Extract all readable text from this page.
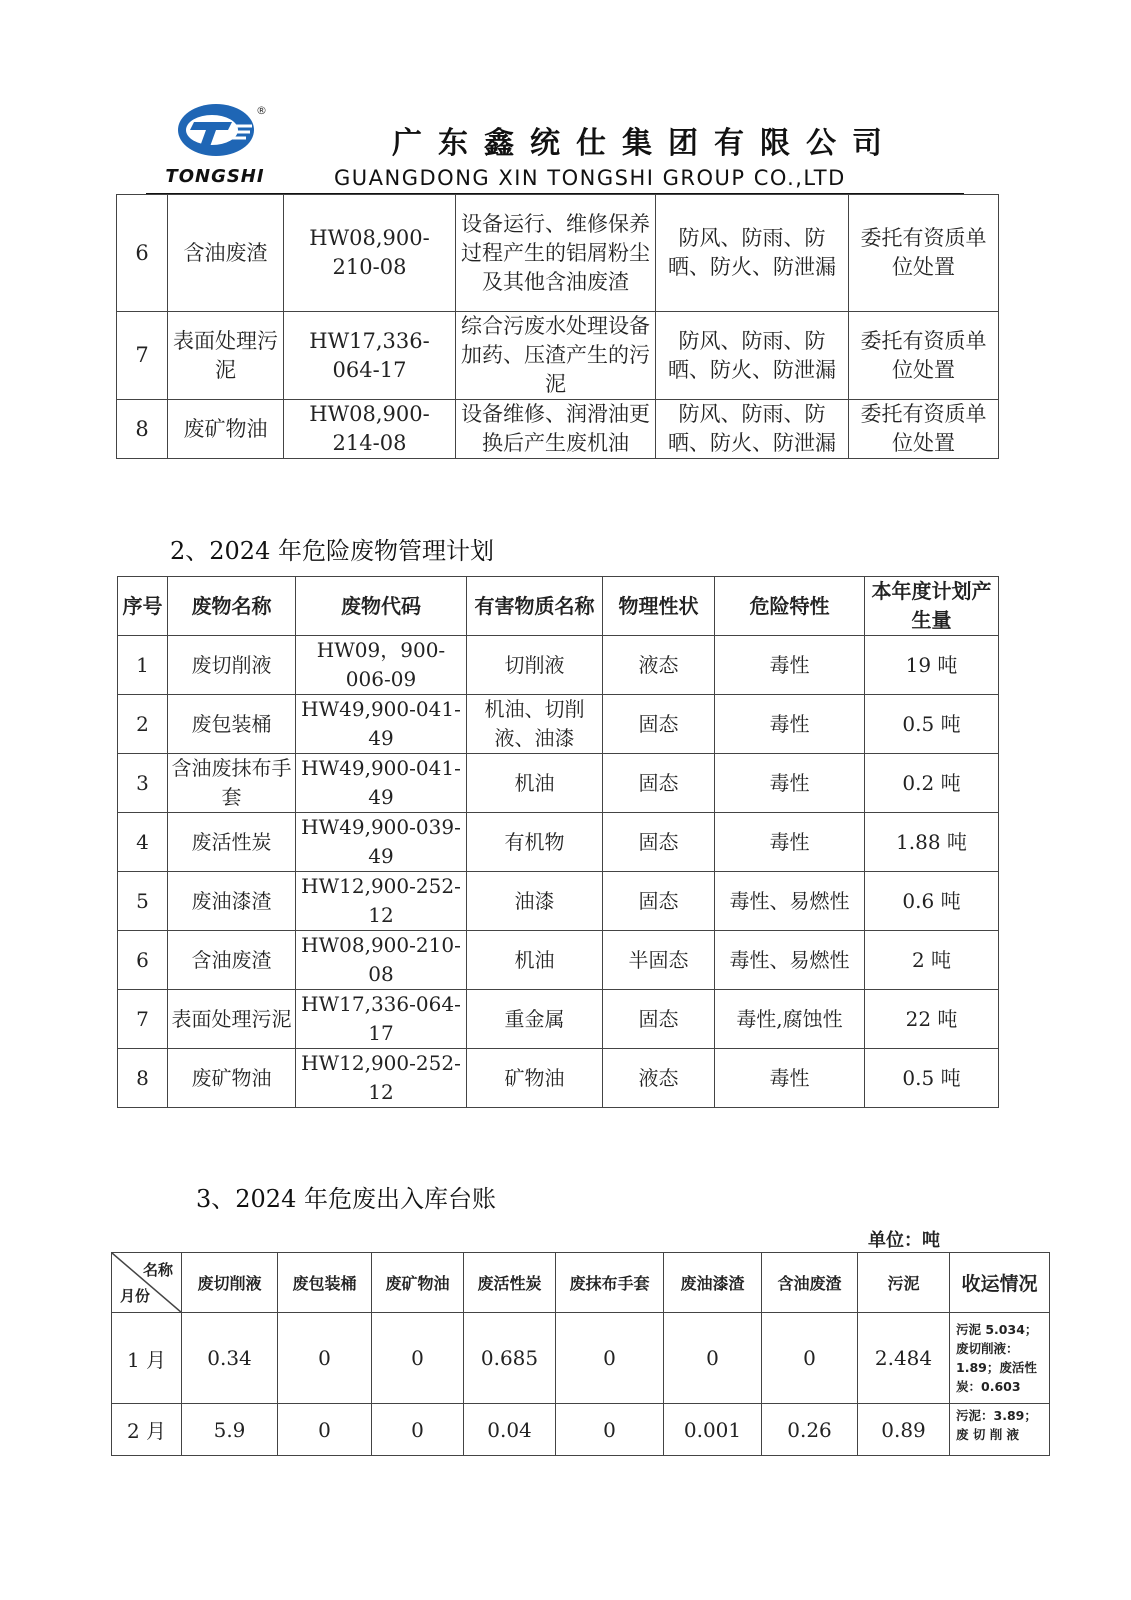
®
TONGSHI
广东鑫统仕集团有限公司
GUANGDONG XIN TONGSHI GROUP CO.,LTD
6	含油废渣	HW08,900-210-08	设备运行、维修保养过程产生的铝屑粉尘及其他含油废渣	防风、防雨、防晒、防火、防泄漏	委托有资质单位处置
7	表面处理污泥	HW17,336-064-17	综合污废水处理设备加药、压渣产生的污泥	防风、防雨、防晒、防火、防泄漏	委托有资质单位处置
8	废矿物油	HW08,900-214-08	设备维修、润滑油更换后产生废机油	防风、防雨、防晒、防火、防泄漏	委托有资质单位处置
2、2024 年危险废物管理计划
序号	废物名称	废物代码	有害物质名称	物理性状	危险特性	本年度计划产生量
1	废切削液	HW09，900-006-09	切削液	液态	毒性	19 吨
2	废包装桶	HW49,900-041-49	机油、切削液、油漆	固态	毒性	0.5 吨
3	含油废抹布手套	HW49,900-041-49	机油	固态	毒性	0.2 吨
4	废活性炭	HW49,900-039-49	有机物	固态	毒性	1.88 吨
5	废油漆渣	HW12,900-252-12	油漆	固态	毒性、易燃性	0.6 吨
6	含油废渣	HW08,900-210-08	机油	半固态	毒性、易燃性	2 吨
7	表面处理污泥	HW17,336-064-17	重金属	固态	毒性,腐蚀性	22 吨
8	废矿物油	HW12,900-252-12	矿物油	液态	毒性	0.5 吨
3、2024 年危废出入库台账
单位：吨
名称
月份	废切削液	废包装桶	废矿物油	废活性炭	废抹布手套	废油漆渣	含油废渣	污泥	收运情况
1 月	0.34	0	0	0.685	0	0	0	2.484	污泥 5.034；废切削液：1.89；废活性炭：0.603
2 月	5.9	0	0	0.04	0	0.001	0.26	0.89	污泥：3.89；废 切 削 液
